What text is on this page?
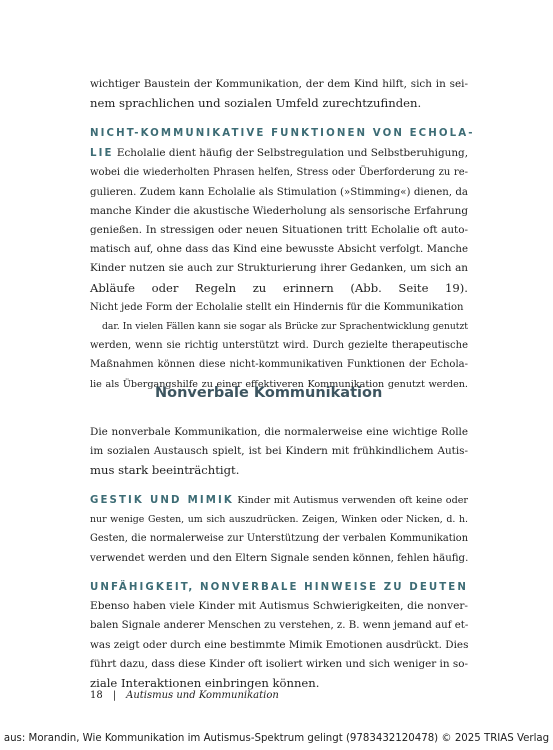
wichtiger Baustein der Kommunikation, der dem Kind hilft, sich in sei-
nem sprachlichen und sozialen Umfeld zurechtzufinden.
NICHT-KOMMUNIKATIVE FUNKTIONEN VON ECHOLA-
LIE Echolalie dient häufig der Selbstregulation und Selbstberuhigung,
wobei die wiederholten Phrasen helfen, Stress oder Überforderung zu re-
gulieren. Zudem kann Echolalie als Stimulation (»Stimming«) dienen, da
manche Kinder die akustische Wiederholung als sensorische Erfahrung
genießen. In stressigen oder neuen Situationen tritt Echolalie oft auto-
matisch auf, ohne dass das Kind eine bewusste Absicht verfolgt. Manche
Kinder nutzen sie auch zur Strukturierung ihrer Gedanken, um sich an
Abläufe oder Regeln zu erinnern (Abb. Seite 19).
Nicht jede Form der Echolalie stellt ein Hindernis für die Kommunikation
dar. In vielen Fällen kann sie sogar als Brücke zur Sprachentwicklung genutzt
werden, wenn sie richtig unterstützt wird. Durch gezielte therapeutische
Maßnahmen können diese nicht-kommunikativen Funktionen der Echola-
lie als Übergangshilfe zu einer effektiveren Kommunikation genutzt werden.
Nonverbale Kommunikation
Die nonverbale Kommunikation, die normalerweise eine wichtige Rolle
im sozialen Austausch spielt, ist bei Kindern mit frühkindlichem Autis-
mus stark beeinträchtigt.
GESTIK UND MIMIK Kinder mit Autismus verwenden oft keine oder
nur wenige Gesten, um sich auszudrücken. Zeigen, Winken oder Nicken, d. h.
Gesten, die normalerweise zur Unterstützung der verbalen Kommunikation
verwendet werden und den Eltern Signale senden können, fehlen häufig.
UNFÄHIGKEIT, NONVERBALE HINWEISE ZU DEUTEN
Ebenso haben viele Kinder mit Autismus Schwierigkeiten, die nonver-
balen Signale anderer Menschen zu verstehen, z. B. wenn jemand auf et-
was zeigt oder durch eine bestimmte Mimik Emotionen ausdrückt. Dies
führt dazu, dass diese Kinder oft isoliert wirken und sich weniger in so-
ziale Interaktionen einbringen können.
18 | Autismus und Kommunikation
aus: Morandin, Wie Kommunikation im Autismus-Spektrum gelingt (9783432120478) © 2025 TRIAS Verlag
